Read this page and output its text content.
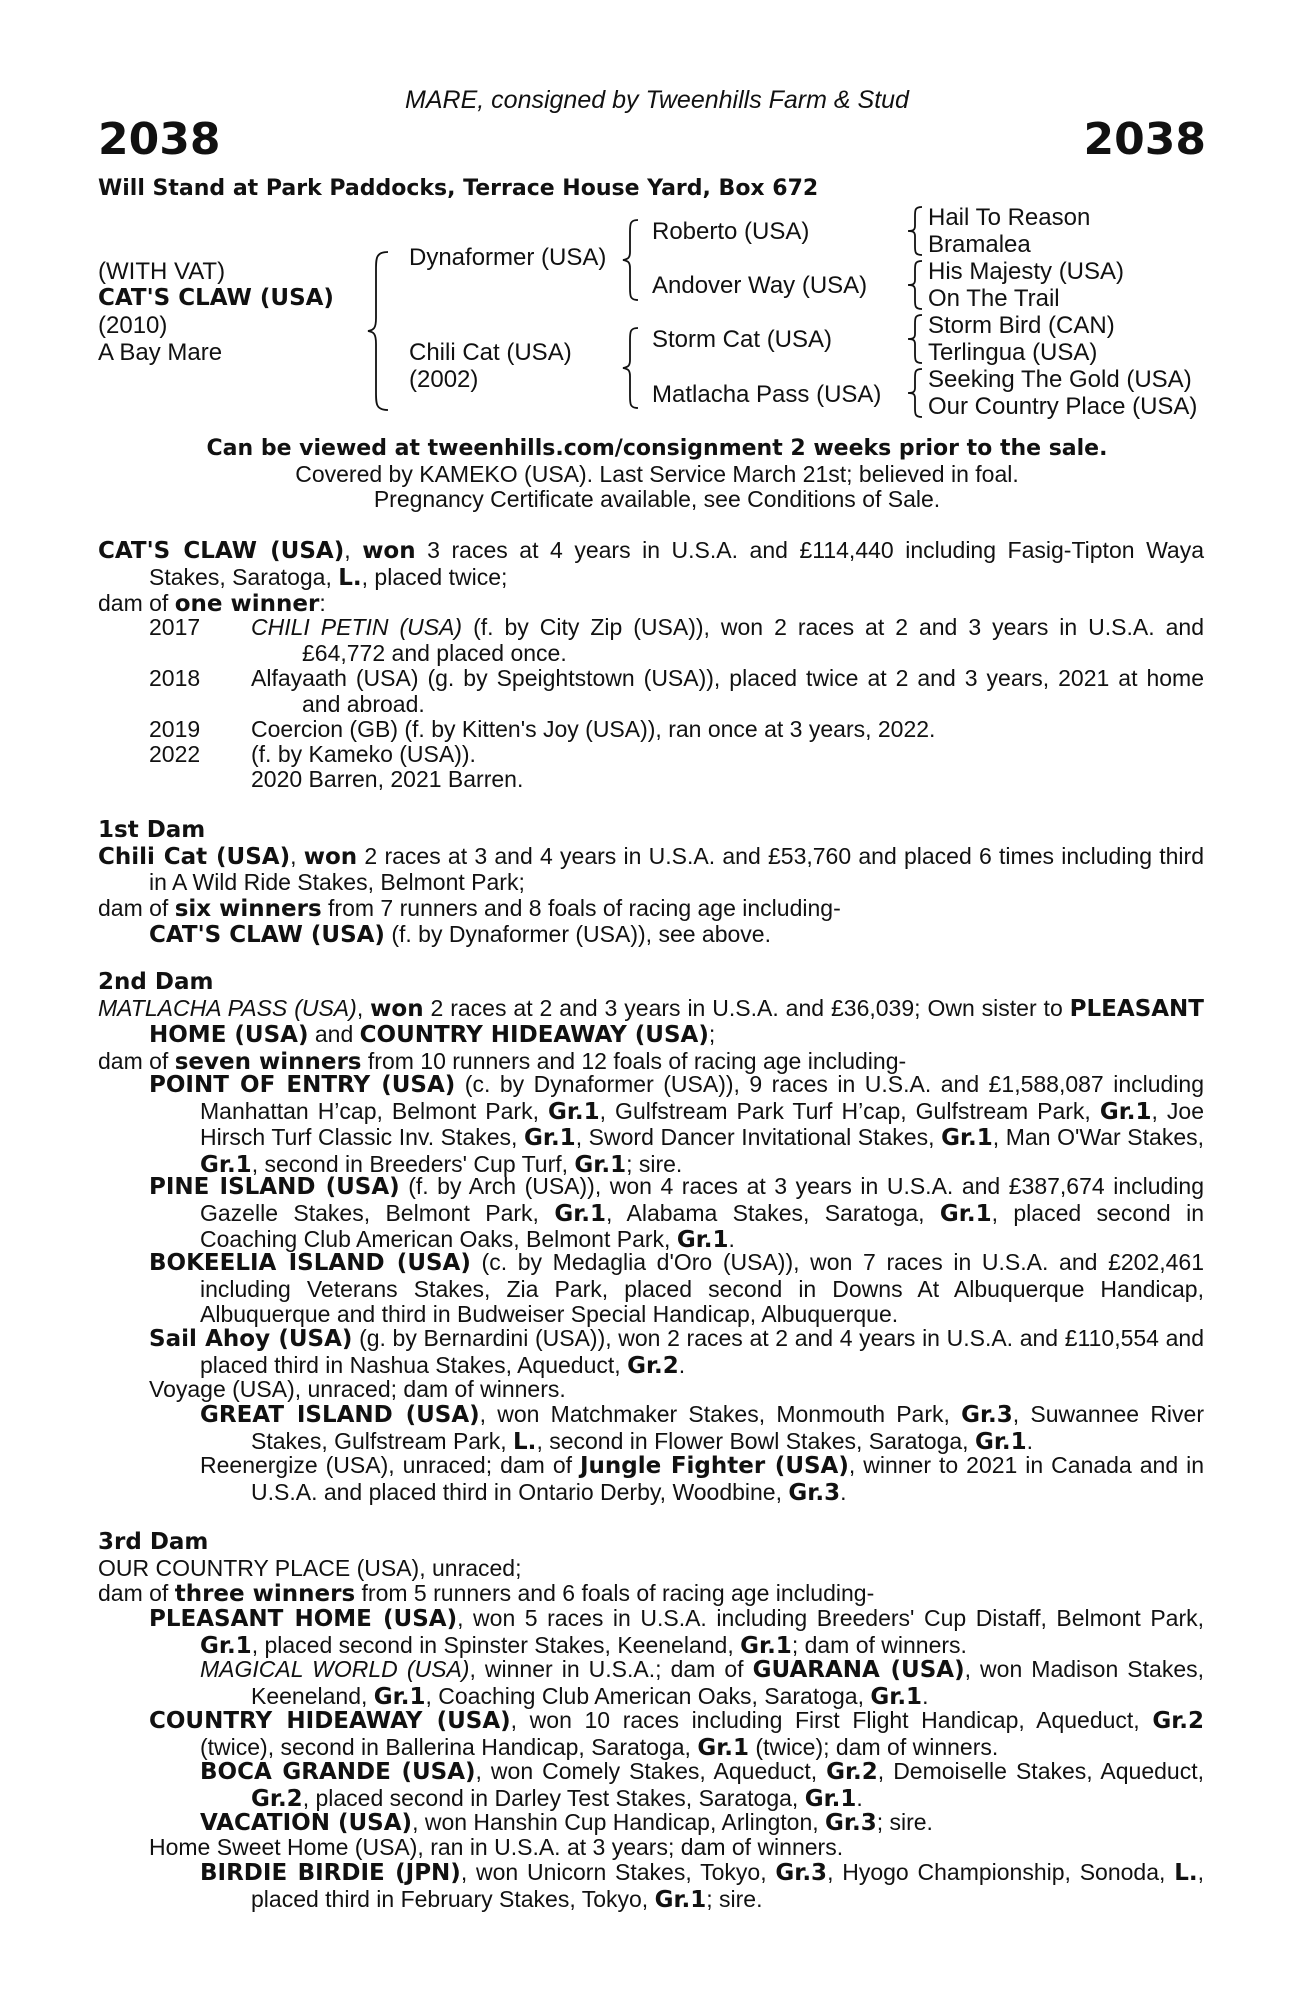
MARE, consigned by Tweenhills Farm & Stud
2038	2038
Will Stand at Park Paddocks, Terrace House Yard, Box 672
(WITH VAT)
CAT'S CLAW (USA)
(2010)
A Bay Mare
Dynaformer (USA)
Chili Cat (USA)
(2002)
Roberto (USA)
Andover Way (USA)
Storm Cat (USA)
Matlacha Pass (USA)
Hail To Reason
Bramalea
His Majesty (USA)
On The Trail
Storm Bird (CAN)
Terlingua (USA)
Seeking The Gold (USA)
Our Country Place (USA)
Can be viewed at tweenhills.com/consignment 2 weeks prior to the sale.
Covered by KAMEKO (USA). Last Service March 21st; believed in foal.
Pregnancy Certificate available, see Conditions of Sale.

CAT'S CLAW (USA), won 3 races at 4 years in U.S.A. and £114,440 including Fasig-Tipton Waya Stakes, Saratoga, L., placed twice;

dam of one winner:

2017 CHILI PETIN (USA) (f. by City Zip (USA)), won 2 races at 2 and 3 years in U.S.A. and £64,772 and placed once.
2018 Alfayaath (USA) (g. by Speightstown (USA)), placed twice at 2 and 3 years, 2021 at home and abroad.
2019 Coercion (GB) (f. by Kitten's Joy (USA)), ran once at 3 years, 2022.
2022 (f. by Kameko (USA)).
2020 Barren, 2021 Barren.

1st Dam

Chili Cat (USA), won 2 races at 3 and 4 years in U.S.A. and £53,760 and placed 6 times including third in A Wild Ride Stakes, Belmont Park;

dam of six winners from 7 runners and 8 foals of racing age including-

CAT'S CLAW (USA) (f. by Dynaformer (USA)), see above.

2nd Dam

MATLACHA PASS (USA), won 2 races at 2 and 3 years in U.S.A. and £36,039; Own sister to PLEASANT HOME (USA) and COUNTRY HIDEAWAY (USA);

dam of seven winners from 10 runners and 12 foals of racing age including-

POINT OF ENTRY (USA) (c. by Dynaformer (USA)), 9 races in U.S.A. and £1,588,087 including Manhattan H’cap, Belmont Park, Gr.1, Gulfstream Park Turf H’cap, Gulfstream Park, Gr.1, Joe Hirsch Turf Classic Inv. Stakes, Gr.1, Sword Dancer Invitational Stakes, Gr.1, Man O'War Stakes, Gr.1, second in Breeders' Cup Turf, Gr.1; sire.
PINE ISLAND (USA) (f. by Arch (USA)), won 4 races at 3 years in U.S.A. and £387,674 including Gazelle Stakes, Belmont Park, Gr.1, Alabama Stakes, Saratoga, Gr.1, placed second in Coaching Club American Oaks, Belmont Park, Gr.1.
BOKEELIA ISLAND (USA) (c. by Medaglia d'Oro (USA)), won 7 races in U.S.A. and £202,461 including Veterans Stakes, Zia Park, placed second in Downs At Albuquerque Handicap, Albuquerque and third in Budweiser Special Handicap, Albuquerque.
Sail Ahoy (USA) (g. by Bernardini (USA)), won 2 races at 2 and 4 years in U.S.A. and £110,554 and placed third in Nashua Stakes, Aqueduct, Gr.2.
Voyage (USA), unraced; dam of winners.
GREAT ISLAND (USA), won Matchmaker Stakes, Monmouth Park, Gr.3, Suwannee River Stakes, Gulfstream Park, L., second in Flower Bowl Stakes, Saratoga, Gr.1.
Reenergize (USA), unraced; dam of Jungle Fighter (USA), winner to 2021 in Canada and in U.S.A. and placed third in Ontario Derby, Woodbine, Gr.3.

3rd Dam

OUR COUNTRY PLACE (USA), unraced;

dam of three winners from 5 runners and 6 foals of racing age including-

PLEASANT HOME (USA), won 5 races in U.S.A. including Breeders' Cup Distaff, Belmont Park, Gr.1, placed second in Spinster Stakes, Keeneland, Gr.1; dam of winners.
MAGICAL WORLD (USA), winner in U.S.A.; dam of GUARANA (USA), won Madison Stakes, Keeneland, Gr.1, Coaching Club American Oaks, Saratoga, Gr.1.
COUNTRY HIDEAWAY (USA), won 10 races including First Flight Handicap, Aqueduct, Gr.2 (twice), second in Ballerina Handicap, Saratoga, Gr.1 (twice); dam of winners.
BOCA GRANDE (USA), won Comely Stakes, Aqueduct, Gr.2, Demoiselle Stakes, Aqueduct, Gr.2, placed second in Darley Test Stakes, Saratoga, Gr.1.
VACATION (USA), won Hanshin Cup Handicap, Arlington, Gr.3; sire.
Home Sweet Home (USA), ran in U.S.A. at 3 years; dam of winners.
BIRDIE BIRDIE (JPN), won Unicorn Stakes, Tokyo, Gr.3, Hyogo Championship, Sonoda, L., placed third in February Stakes, Tokyo, Gr.1; sire.
